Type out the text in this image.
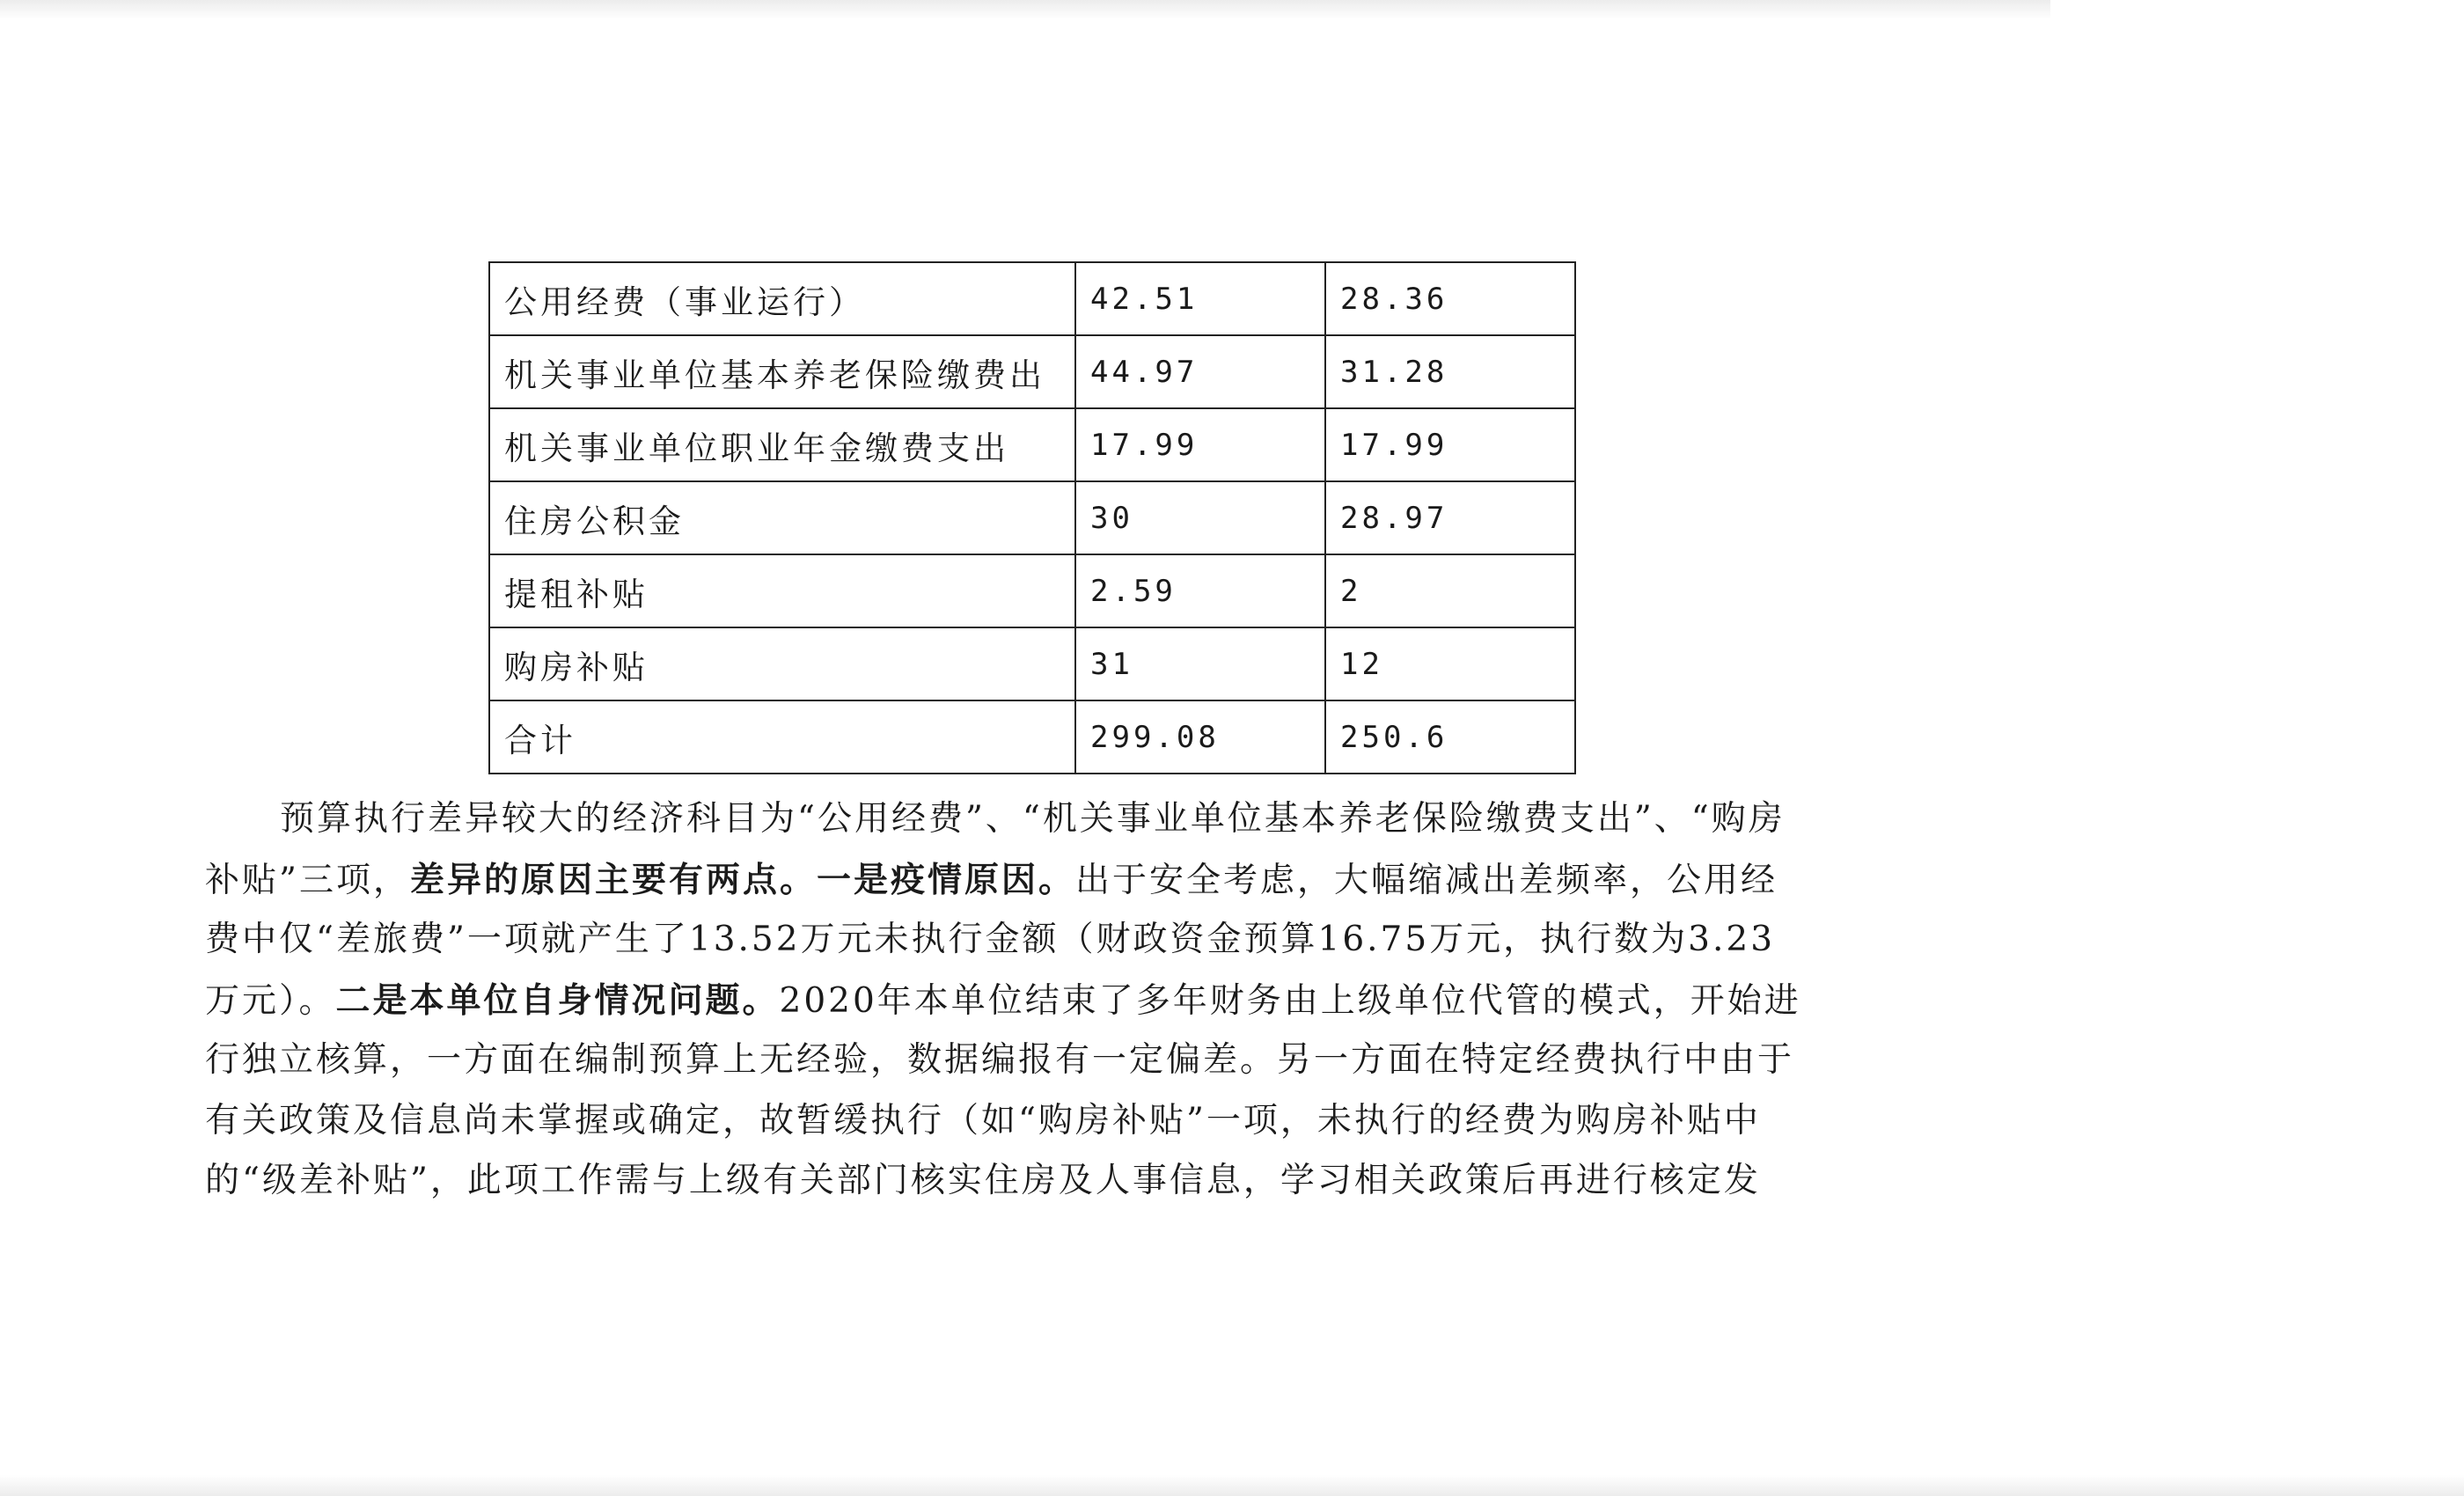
公用经费（事业运行）	42.51	28.36
机关事业单位基本养老保险缴费出	44.97	31.28
机关事业单位职业年金缴费支出	17.99	17.99
住房公积金	30	28.97
提租补贴	2.59	2
购房补贴	31	12
合计	299.08	250.6
预算执行差异较大的经济科目为“公用经费”、“机关事业单位基本养老保险缴费支出”、“购房
补贴”三项，差异的原因主要有两点。一是疫情原因。出于安全考虑，大幅缩减出差频率，公用经
费中仅“差旅费”一项就产生了13.52万元未执行金额（财政资金预算16.75万元，执行数为3.23
万元）。二是本单位自身情况问题。2020年本单位结束了多年财务由上级单位代管的模式，开始进
行独立核算，一方面在编制预算上无经验，数据编报有一定偏差。另一方面在特定经费执行中由于
有关政策及信息尚未掌握或确定，故暂缓执行（如“购房补贴”一项，未执行的经费为购房补贴中
的“级差补贴”，此项工作需与上级有关部门核实住房及人事信息，学习相关政策后再进行核定发
